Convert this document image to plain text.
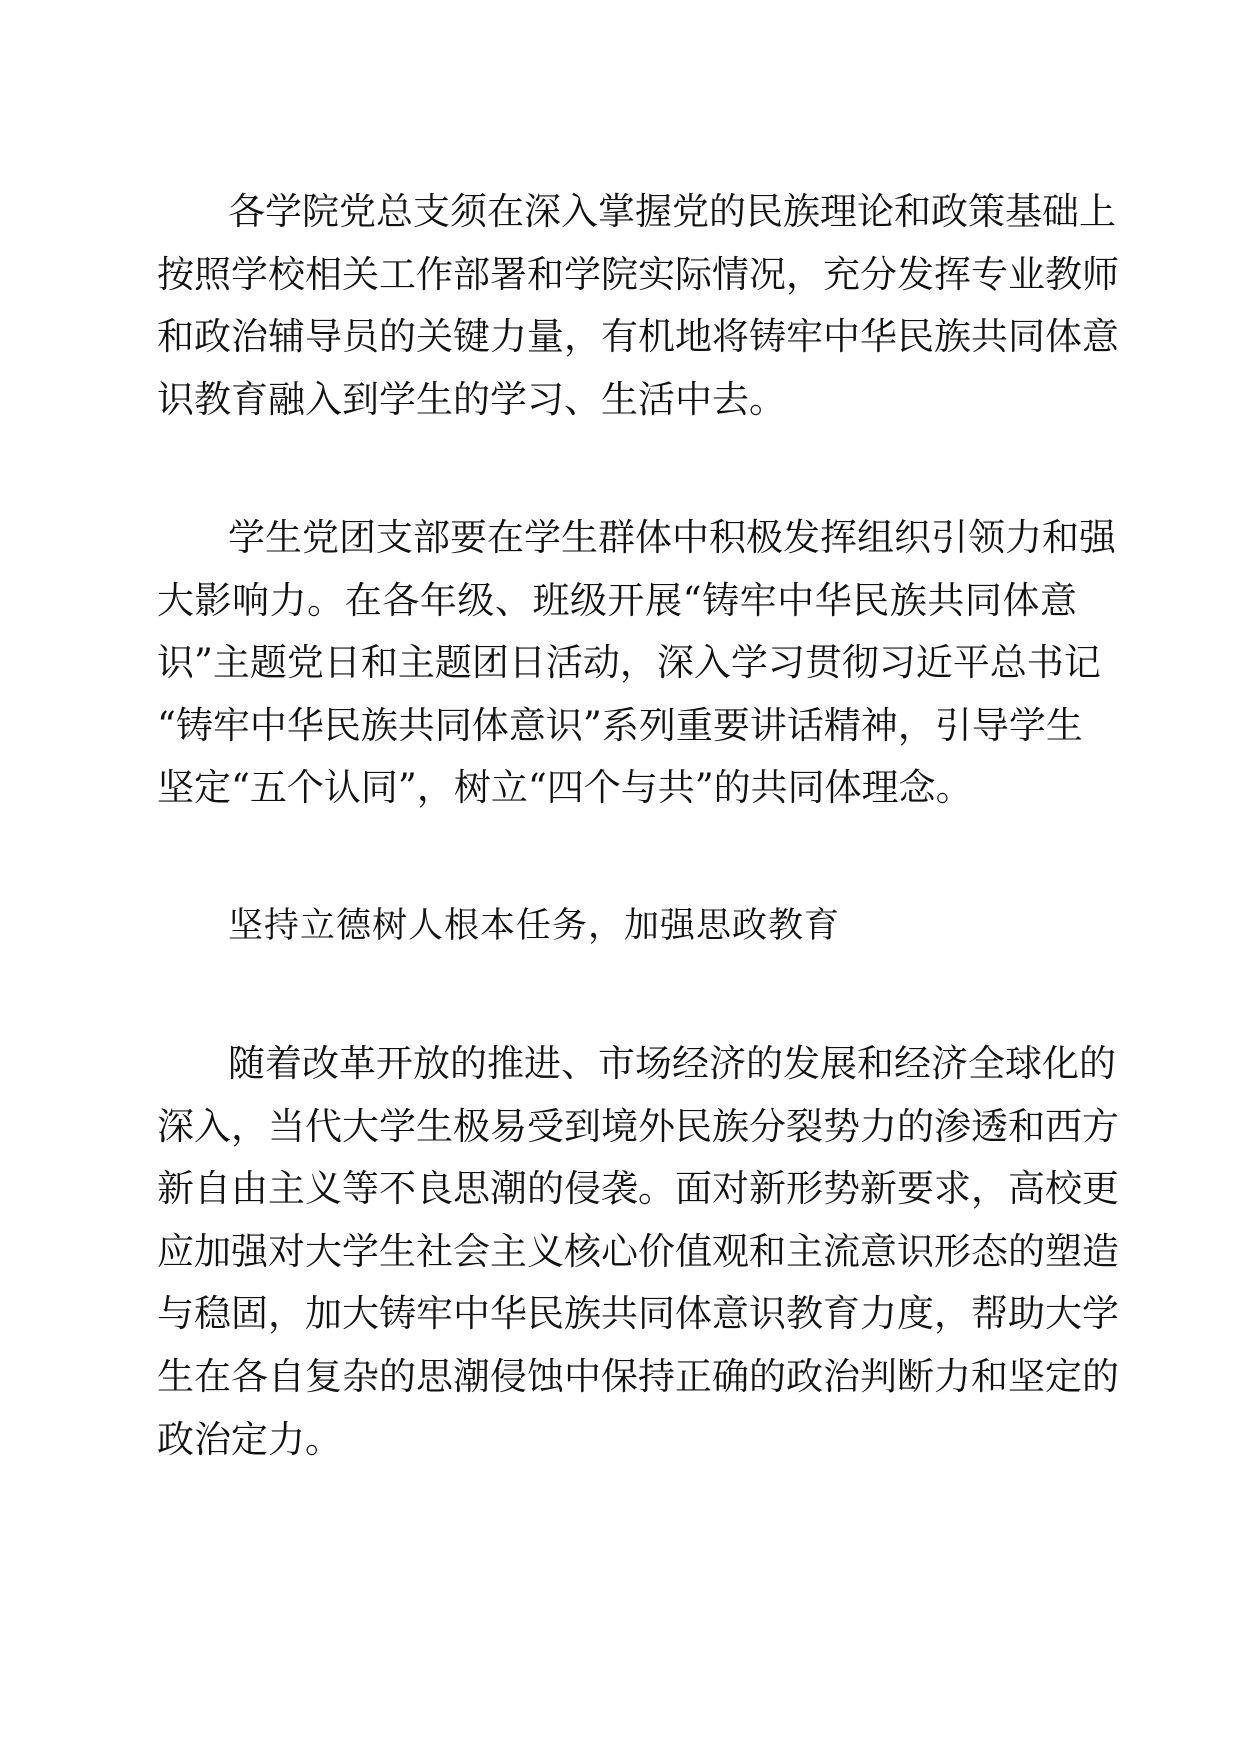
各学院党总支须在深入掌握党的民族理论和政策基础上
按照学校相关工作部署和学院实际情况，充分发挥专业教师
和政治辅导员的关键力量，有机地将铸牢中华民族共同体意
识教育融入到学生的学习、生活中去。
学生党团支部要在学生群体中积极发挥组织引领力和强
大影响力。在各年级、班级开展“铸牢中华民族共同体意
识”主题党日和主题团日活动，深入学习贯彻习近平总书记
“铸牢中华民族共同体意识”系列重要讲话精神，引导学生
坚定“五个认同”，树立“四个与共”的共同体理念。
坚持立德树人根本任务，加强思政教育
随着改革开放的推进、市场经济的发展和经济全球化的
深入，当代大学生极易受到境外民族分裂势力的渗透和西方
新自由主义等不良思潮的侵袭。面对新形势新要求，高校更
应加强对大学生社会主义核心价值观和主流意识形态的塑造
与稳固，加大铸牢中华民族共同体意识教育力度，帮助大学
生在各自复杂的思潮侵蚀中保持正确的政治判断力和坚定的
政治定力。
